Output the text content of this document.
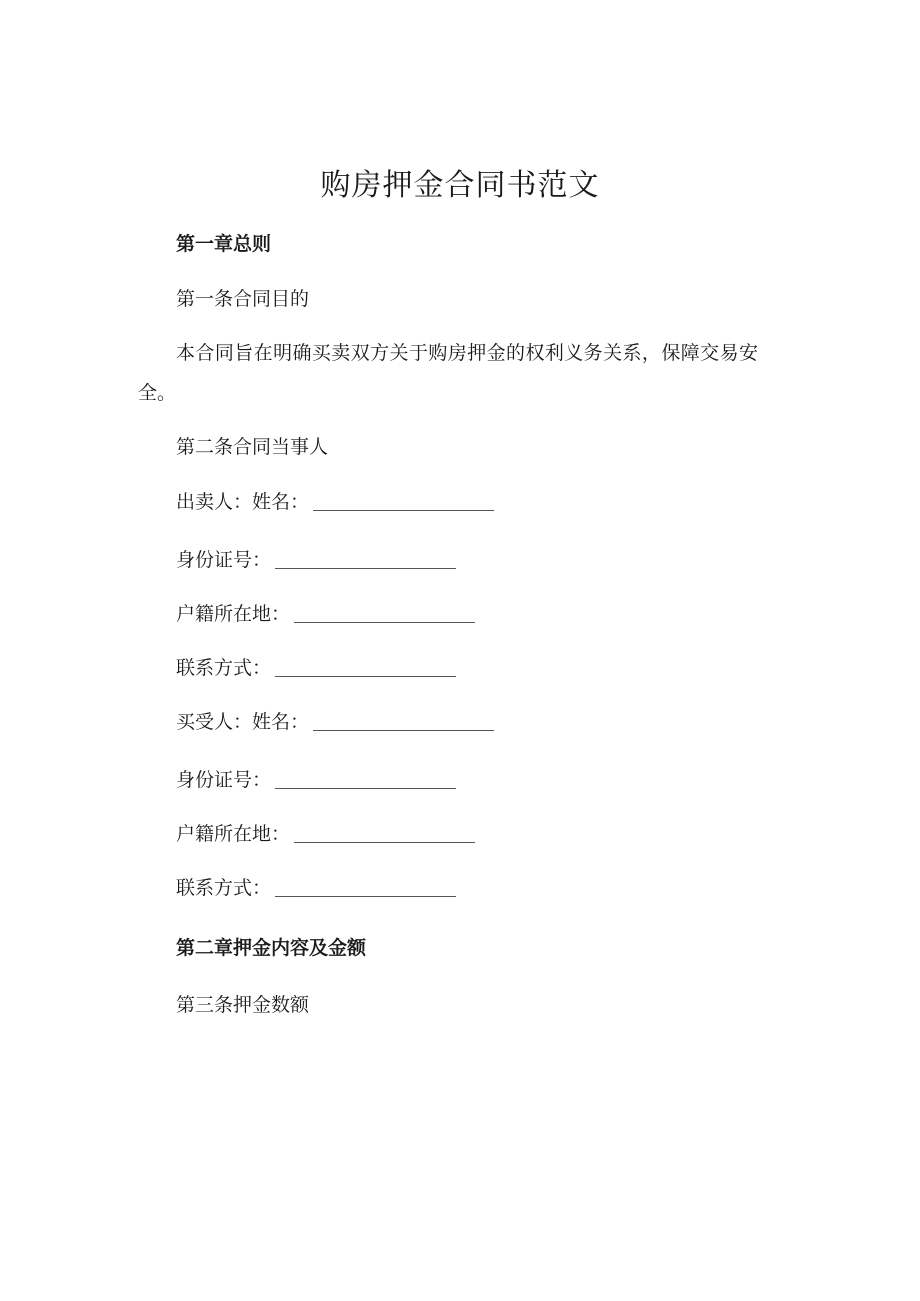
购房押金合同书范文
第一章总则
第一条合同目的

本合同旨在明确买卖双方关于购房押金的权利义务关系，保障交易安全。

第二条合同当事人
出卖人：姓名：
身份证号：
户籍所在地：
联系方式：
买受人：姓名：
身份证号：
户籍所在地：
联系方式：
第二章押金内容及金额
第三条押金数额
